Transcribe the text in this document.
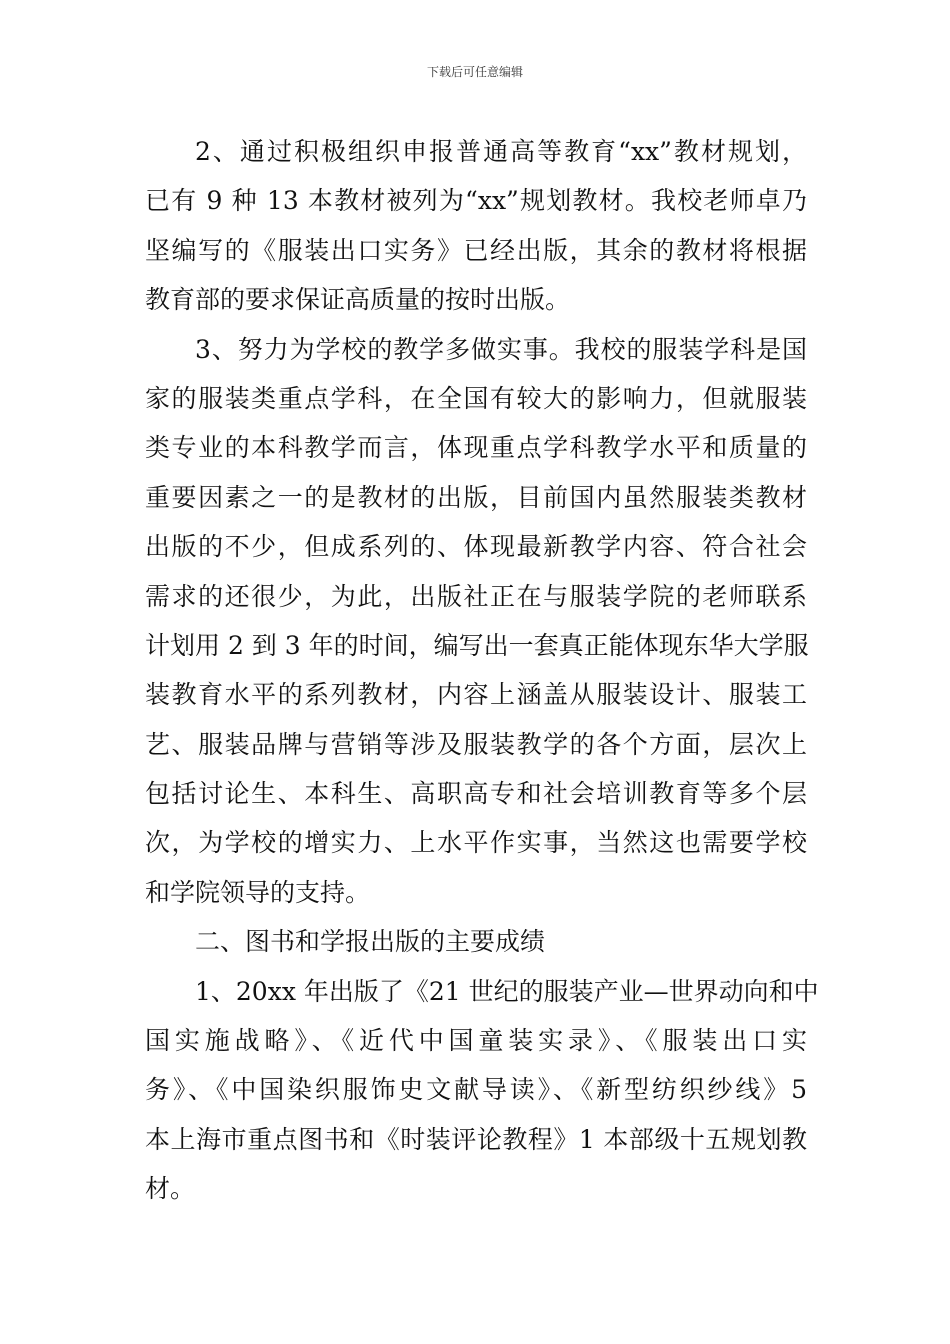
下载后可任意编辑
2、通过积极组织申报普通高等教育“xx”教材规划，
已有 9 种 13 本教材被列为“xx”规划教材。我校老师卓乃
坚编写的《服装出口实务》已经出版，其余的教材将根据
教育部的要求保证高质量的按时出版。
3、努力为学校的教学多做实事。我校的服装学科是国
家的服装类重点学科，在全国有较大的影响力，但就服装
类专业的本科教学而言，体现重点学科教学水平和质量的
重要因素之一的是教材的出版，目前国内虽然服装类教材
出版的不少，但成系列的、体现最新教学内容、符合社会
需求的还很少，为此，出版社正在与服装学院的老师联系
计划用 2 到 3 年的时间，编写出一套真正能体现东华大学服
装教育水平的系列教材，内容上涵盖从服装设计、服装工
艺、服装品牌与营销等涉及服装教学的各个方面，层次上
包括讨论生、本科生、高职高专和社会培训教育等多个层
次，为学校的增实力、上水平作实事，当然这也需要学校
和学院领导的支持。
二、图书和学报出版的主要成绩
1、20xx 年出版了《21 世纪的服装产业—世界动向和中
国实施战略》、《近代中国童装实录》、《服装出口实
务》、《中国染织服饰史文献导读》、《新型纺织纱线》5
本上海市重点图书和《时装评论教程》1 本部级十五规划教
材。
